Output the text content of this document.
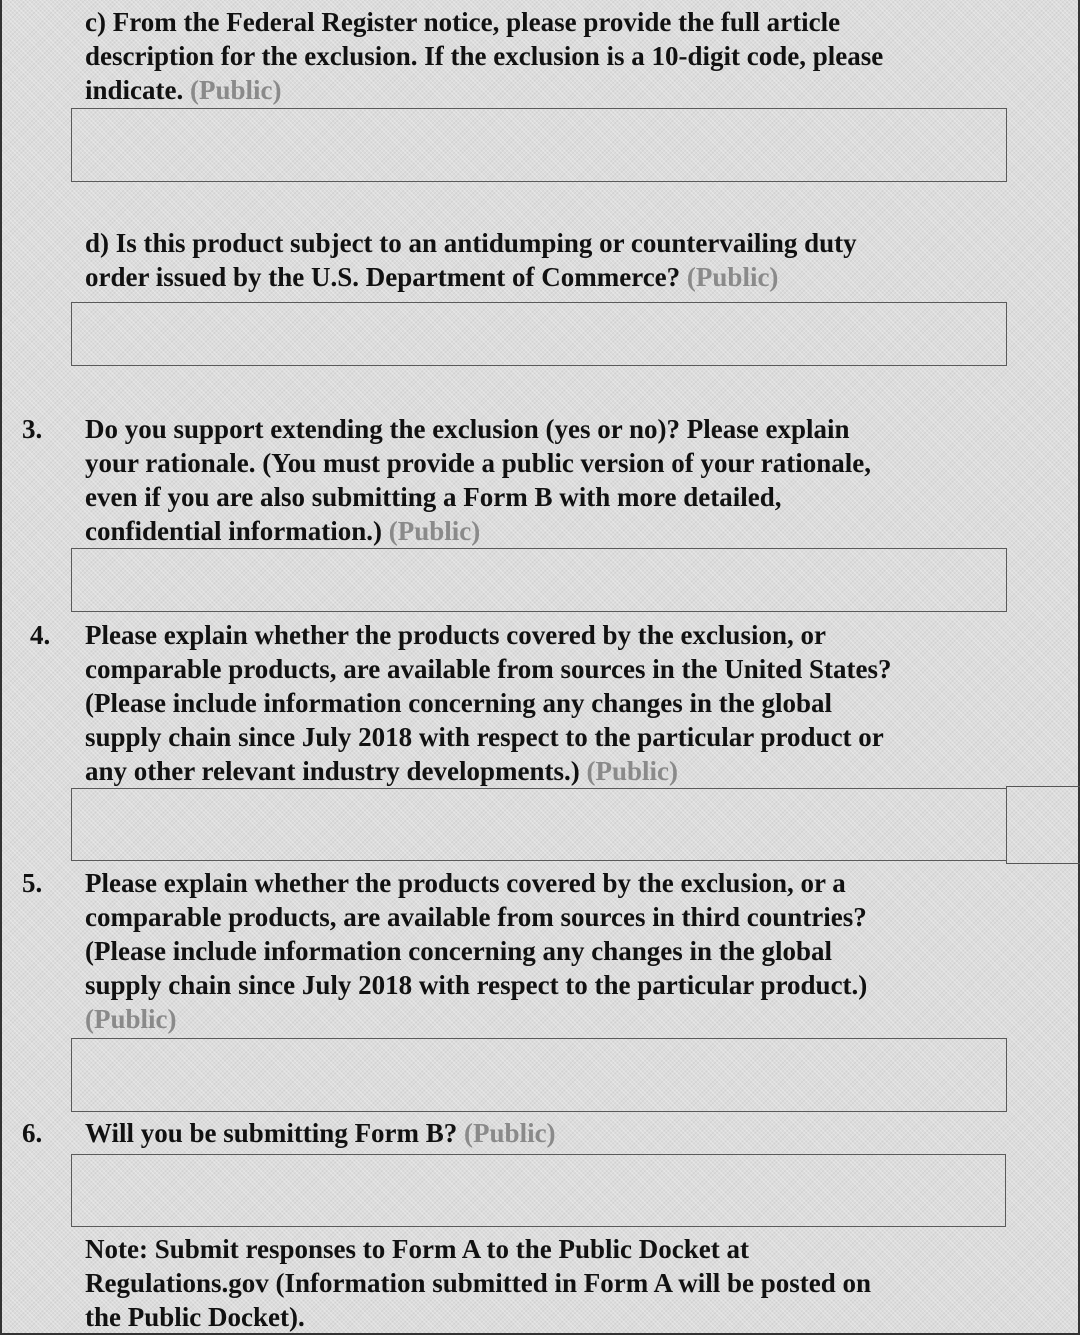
c) From the Federal Register notice, please provide the full article

description for the exclusion. If the exclusion is a 10-digit code, please

indicate. (Public)

d) Is this product subject to an antidumping or countervailing duty

order issued by the U.S. Department of Commerce? (Public)

3. Do you support extending the exclusion (yes or no)? Please explain

your rationale. (You must provide a public version of your rationale,

even if you are also submitting a Form B with more detailed,

confidential information.) (Public)

4. Please explain whether the products covered by the exclusion, or

comparable products, are available from sources in the United States?

(Please include information concerning any changes in the global

supply chain since July 2018 with respect to the particular product or

any other relevant industry developments.) (Public)

5. Please explain whether the products covered by the exclusion, or a

comparable products, are available from sources in third countries?

(Please include information concerning any changes in the global

supply chain since July 2018 with respect to the particular product.)

(Public)

6. Will you be submitting Form B? (Public)

Note: Submit responses to Form A to the Public Docket at

Regulations.gov (Information submitted in Form A will be posted on

the Public Docket).
